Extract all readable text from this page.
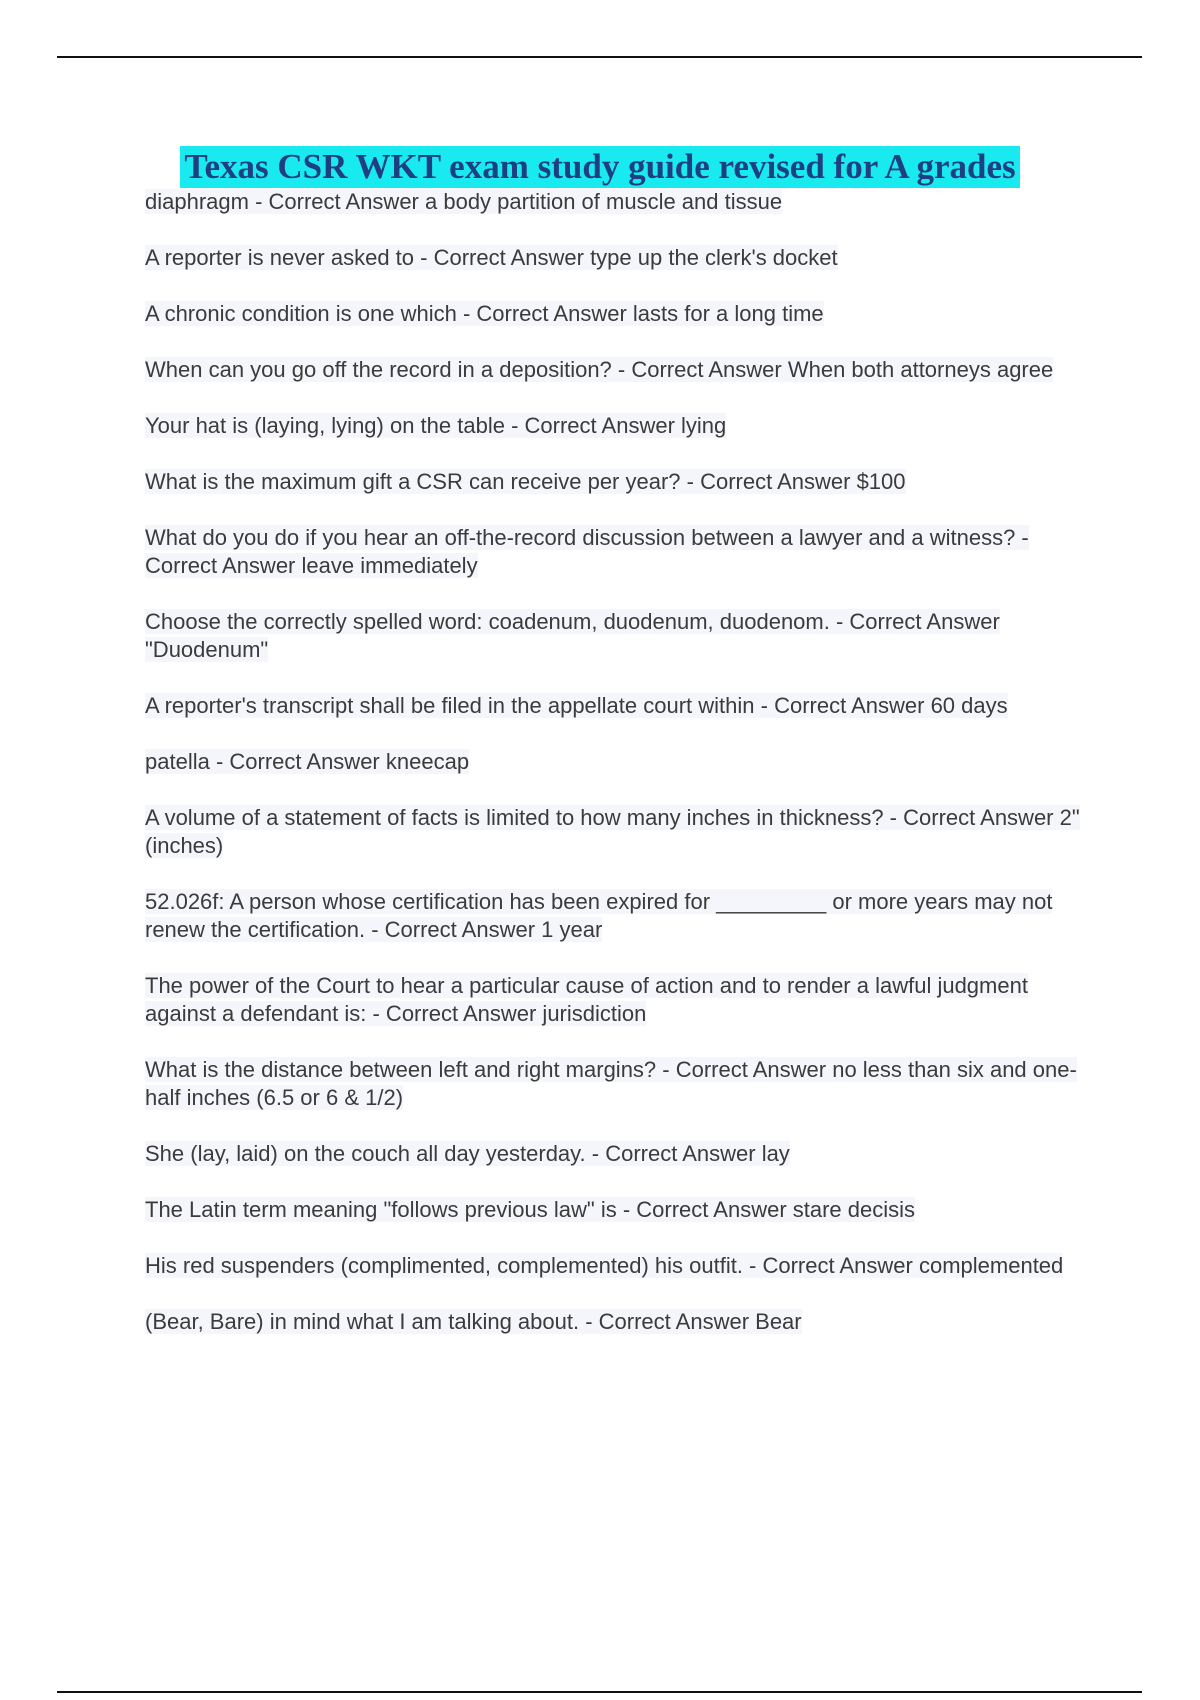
Texas CSR WKT exam study guide revised for A grades
diaphragm - Correct Answer a body partition of muscle and tissue
A reporter is never asked to - Correct Answer type up the clerk's docket
A chronic condition is one which - Correct Answer lasts for a long time
When can you go off the record in a deposition? - Correct Answer When both attorneys agree
Your hat is (laying, lying) on the table - Correct Answer lying
What is the maximum gift a CSR can receive per year? - Correct Answer $100
What do you do if you hear an off-the-record discussion between a lawyer and a witness? - Correct Answer leave immediately
Choose the correctly spelled word: coadenum, duodenum, duodenom. - Correct Answer "Duodenum"
A reporter's transcript shall be filed in the appellate court within - Correct Answer 60 days
patella - Correct Answer kneecap
A volume of a statement of facts is limited to how many inches in thickness? - Correct Answer 2" (inches)
52.026f: A person whose certification has been expired for _________ or more years may not renew the certification. - Correct Answer 1 year
The power of the Court to hear a particular cause of action and to render a lawful judgment against a defendant is: - Correct Answer jurisdiction
What is the distance between left and right margins? - Correct Answer no less than six and one-half inches (6.5 or 6 & 1/2)
She (lay, laid) on the couch all day yesterday. - Correct Answer lay
The Latin term meaning "follows previous law" is - Correct Answer stare decisis
His red suspenders (complimented, complemented) his outfit. - Correct Answer complemented
(Bear, Bare) in mind what I am talking about. - Correct Answer Bear
